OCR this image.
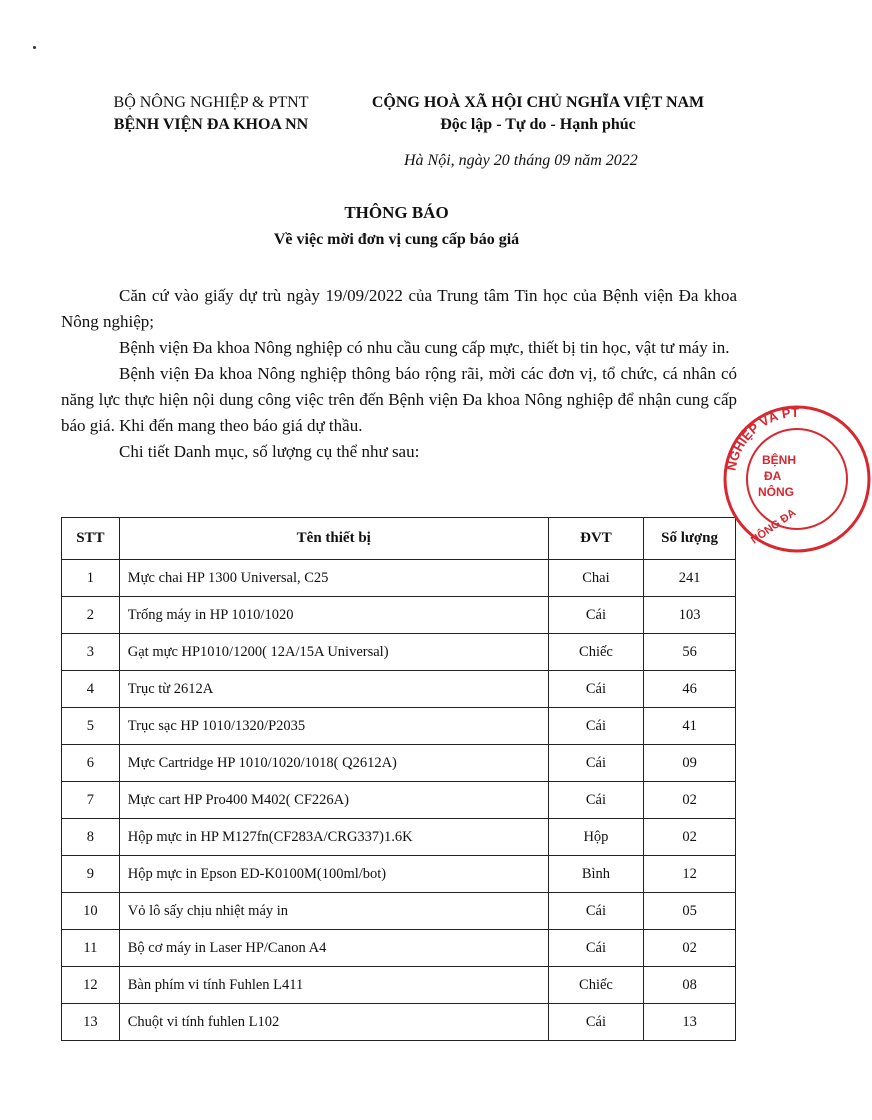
BỘ NÔNG NGHIỆP & PTNT
BỆNH VIỆN ĐA KHOA NN
CỘNG HOÀ XÃ HỘI CHỦ NGHĨA VIỆT NAM
Độc lập - Tự do - Hạnh phúc
Hà Nội, ngày 20 tháng 09 năm 2022
THÔNG BÁO
Về việc mời đơn vị cung cấp báo giá

Căn cứ vào giấy dự trù ngày 19/09/2022 của Trung tâm Tin học của Bệnh viện Đa khoa Nông nghiệp;

Bệnh viện Đa khoa Nông nghiệp có nhu cầu cung cấp mực, thiết bị tin học, vật tư máy in.

Bệnh viện Đa khoa Nông nghiệp thông báo rộng rãi, mời các đơn vị, tổ chức, cá nhân có năng lực thực hiện nội dung công việc trên đến Bệnh viện Đa khoa Nông nghiệp để nhận cung cấp báo giá. Khi đến mang theo báo giá dự thầu.

Chi tiết Danh mục, số lượng cụ thể như sau:

STT	Tên thiết bị	ĐVT	Số lượng
1	Mực chai HP 1300 Universal, C25	Chai	241
2	Trống máy in HP 1010/1020	Cái	103
3	Gạt mực HP1010/1200( 12A/15A Universal)	Chiếc	56
4	Trục từ 2612A	Cái	46
5	Trục sạc HP 1010/1320/P2035	Cái	41
6	Mực Cartridge HP 1010/1020/1018( Q2612A)	Cái	09
7	Mực cart HP Pro400 M402( CF226A)	Cái	02
8	Hộp mực in HP M127fn(CF283A/CRG337)1.6K	Hộp	02
9	Hộp mực in Epson ED-K0100M(100ml/bot)	Bình	12
10	Vỏ lô sấy chịu nhiệt máy in	Cái	05
11	Bộ cơ máy in Laser HP/Canon A4	Cái	02
12	Bàn phím vi tính Fuhlen L411	Chiếc	08
13	Chuột vi tính fuhlen L102	Cái	13
NGHIỆP VÀ PT
NÔNG ĐA
BỆNH
ĐA
NÔNG
